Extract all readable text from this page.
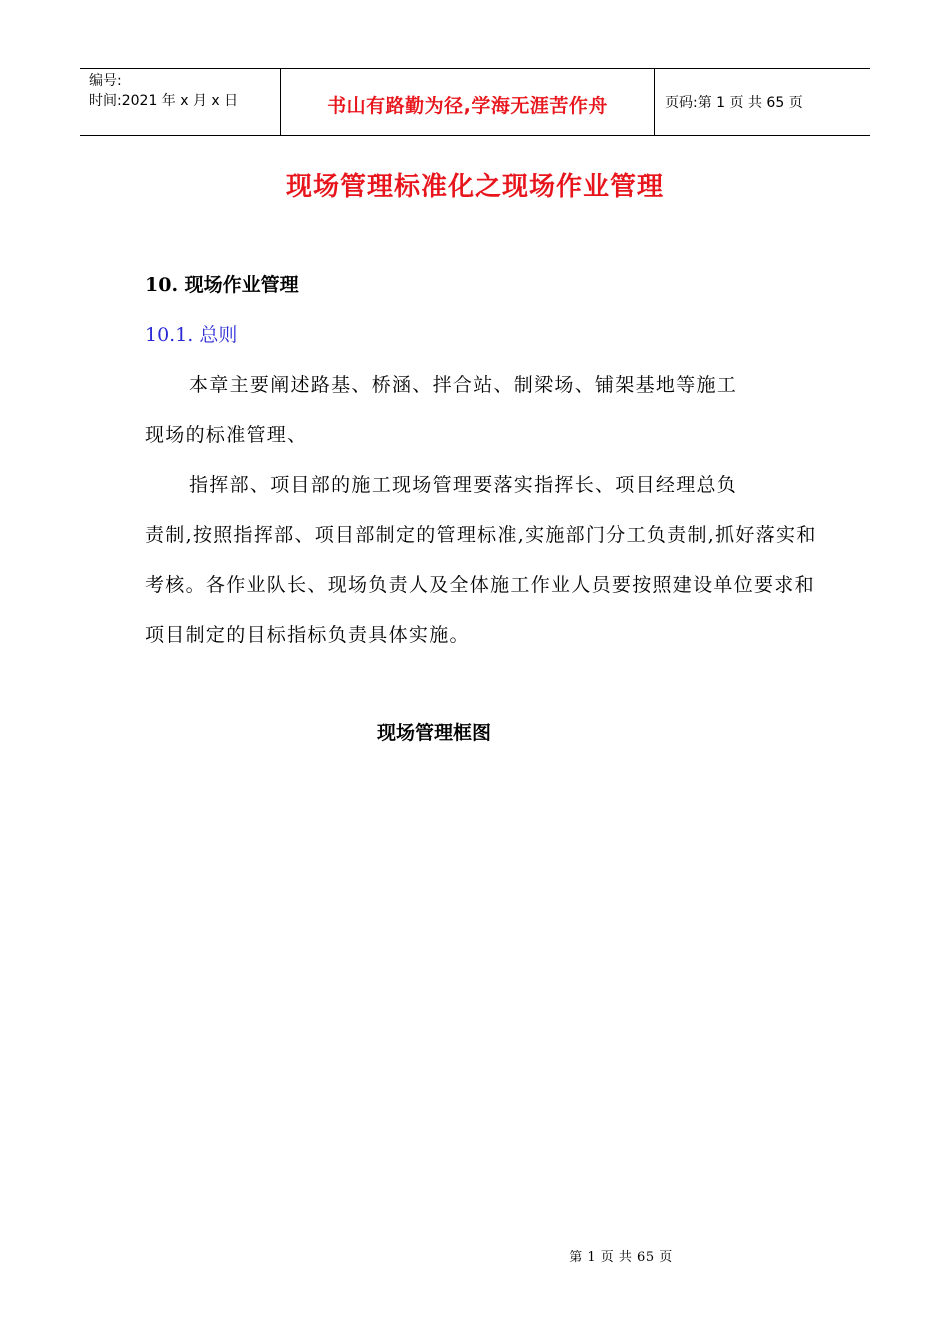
编号:
时间:2021 年 x 月 x 日	书山有路勤为径,学海无涯苦作舟	页码:第 1 页 共 65 页
现场管理标准化之现场作业管理
10. 现场作业管理
10.1. 总则
本章主要阐述路基、桥涵、拌合站、制梁场、铺架基地等施工
现场的标准管理、
指挥部、项目部的施工现场管理要落实指挥长、项目经理总负
责制,按照指挥部、项目部制定的管理标准,实施部门分工负责制,抓好落实和考核。各作业队长、现场负责人及全体施工作业人员要按照建设单位要求和项目制定的目标指标负责具体实施。
现场管理框图
第 1 页 共 65 页
